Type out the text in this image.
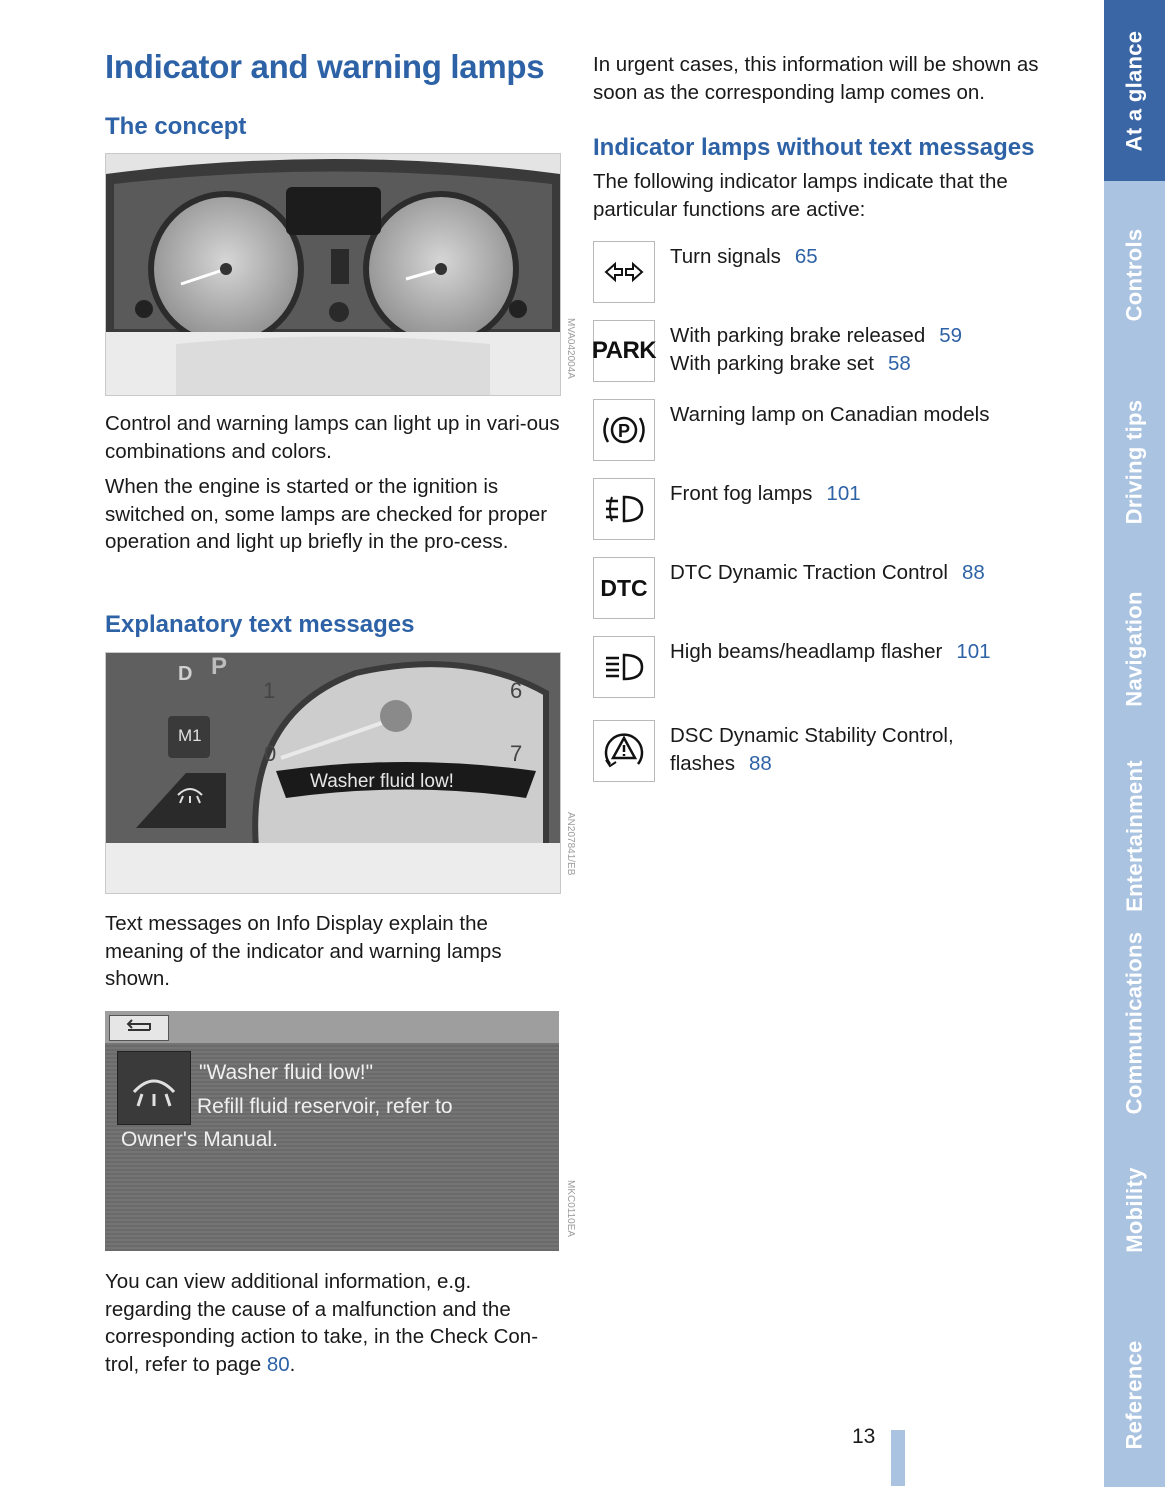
Indicator and warning lamps
The concept
MVA042004A
Control and warning lamps can light up in vari-ous combinations and colors.
When the engine is started or the ignition is switched on, some lamps are checked for proper operation and light up briefly in the pro-cess.
Explanatory text messages
D P
M1
1	6
0	7
Washer fluid low!
AN207841/EB
Text messages on Info Display explain the meaning of the indicator and warning lamps shown.
"Washer fluid low!"
Refill fluid reservoir, refer to
Owner's Manual.
MKC0110EA
You can view additional information, e.g. regarding the cause of a malfunction and the corresponding action to take, in the Check Con-trol, refer to page 80.
In urgent cases, this information will be shown as soon as the corresponding lamp comes on.
Indicator lamps without text messages
The following indicator lamps indicate that the particular functions are active:
Turn signals 65
PARK
With parking brake released 59
With parking brake set 58
P
Warning lamp on Canadian models
Front fog lamps 101
DTC
DTC Dynamic Traction Control 88
High beams/headlamp flasher 101
DSC Dynamic Stability Control,
flashes 88
At a glance
Controls
Driving tips
Navigation
Entertainment
Communications
Mobility
Reference
13
